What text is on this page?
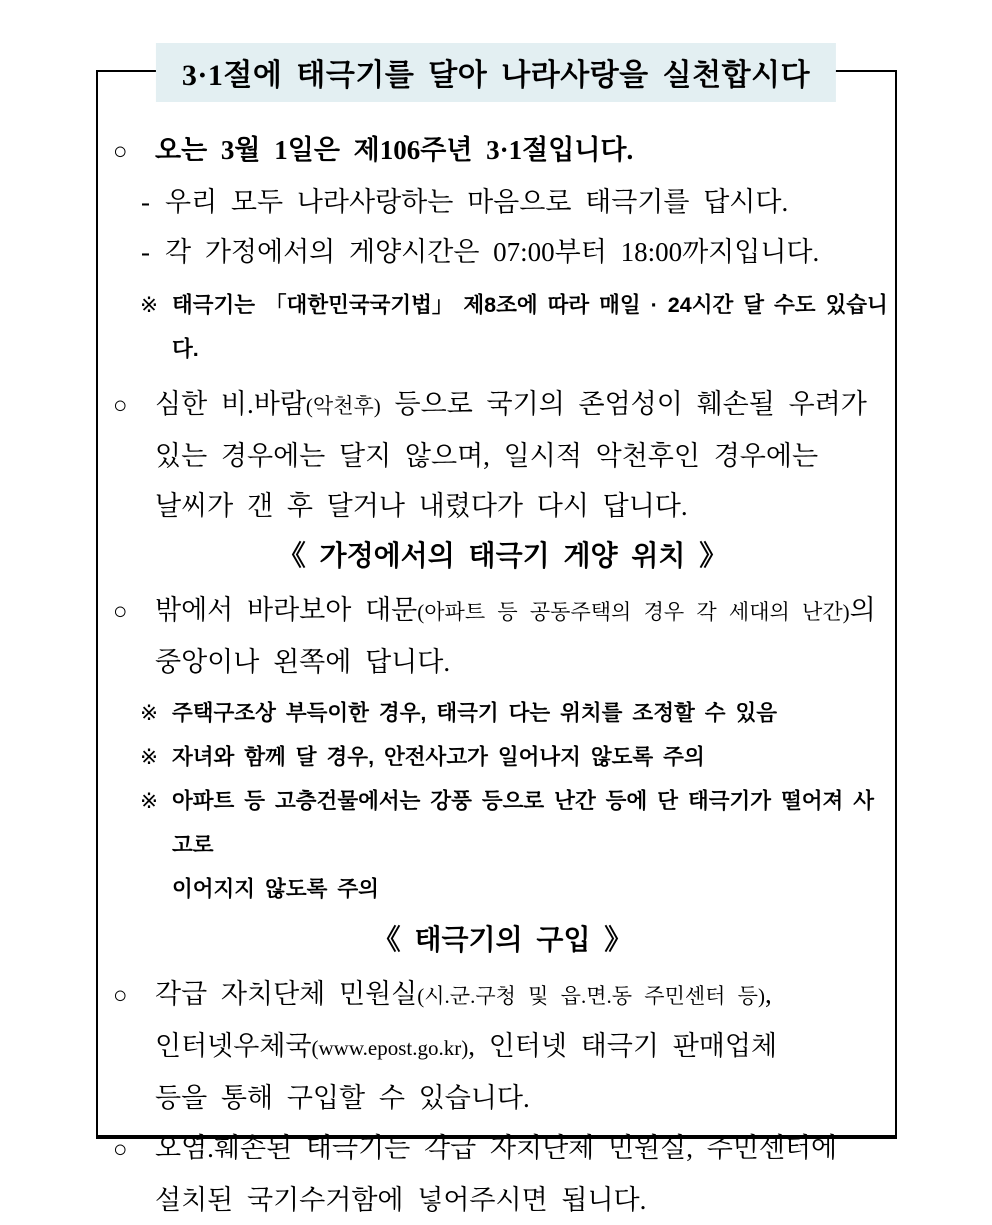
3·1절에 태극기를 달아 나라사랑을 실천합시다
○	오는 3월 1일은 제106주년 3·1절입니다.
- 우리 모두 나라사랑하는 마음으로 태극기를 답시다.
- 각 가정에서의 게양시간은 07:00부터 18:00까지입니다.
※ 태극기는 「대한민국국기법」 제8조에 따라 매일 · 24시간 달 수도 있습니다.
○	심한 비.바람(악천후) 등으로 국기의 존엄성이 훼손될 우려가
있는 경우에는 달지 않으며, 일시적 악천후인 경우에는
날씨가 갠 후 달거나 내렸다가 다시 답니다.
《 가정에서의 태극기 게양 위치 》
○	밖에서 바라보아 대문(아파트 등 공동주택의 경우 각 세대의 난간)의
중앙이나 왼쪽에 답니다.
※ 주택구조상 부득이한 경우, 태극기 다는 위치를 조정할 수 있음
※ 자녀와 함께 달 경우, 안전사고가 일어나지 않도록 주의
※ 아파트 등 고층건물에서는 강풍 등으로 난간 등에 단 태극기가 떨어져 사고로
이어지지 않도록 주의
《 태극기의 구입 》
○	각급 자치단체 민원실(시.군.구청 및 읍.면.동 주민센터 등),
인터넷우체국(www.epost.go.kr), 인터넷 태극기 판매업체
등을 통해 구입할 수 있습니다.
○	오염.훼손된 태극기는 각급 자치단체 민원실, 주민센터에
설치된 국기수거함에 넣어주시면 됩니다.
